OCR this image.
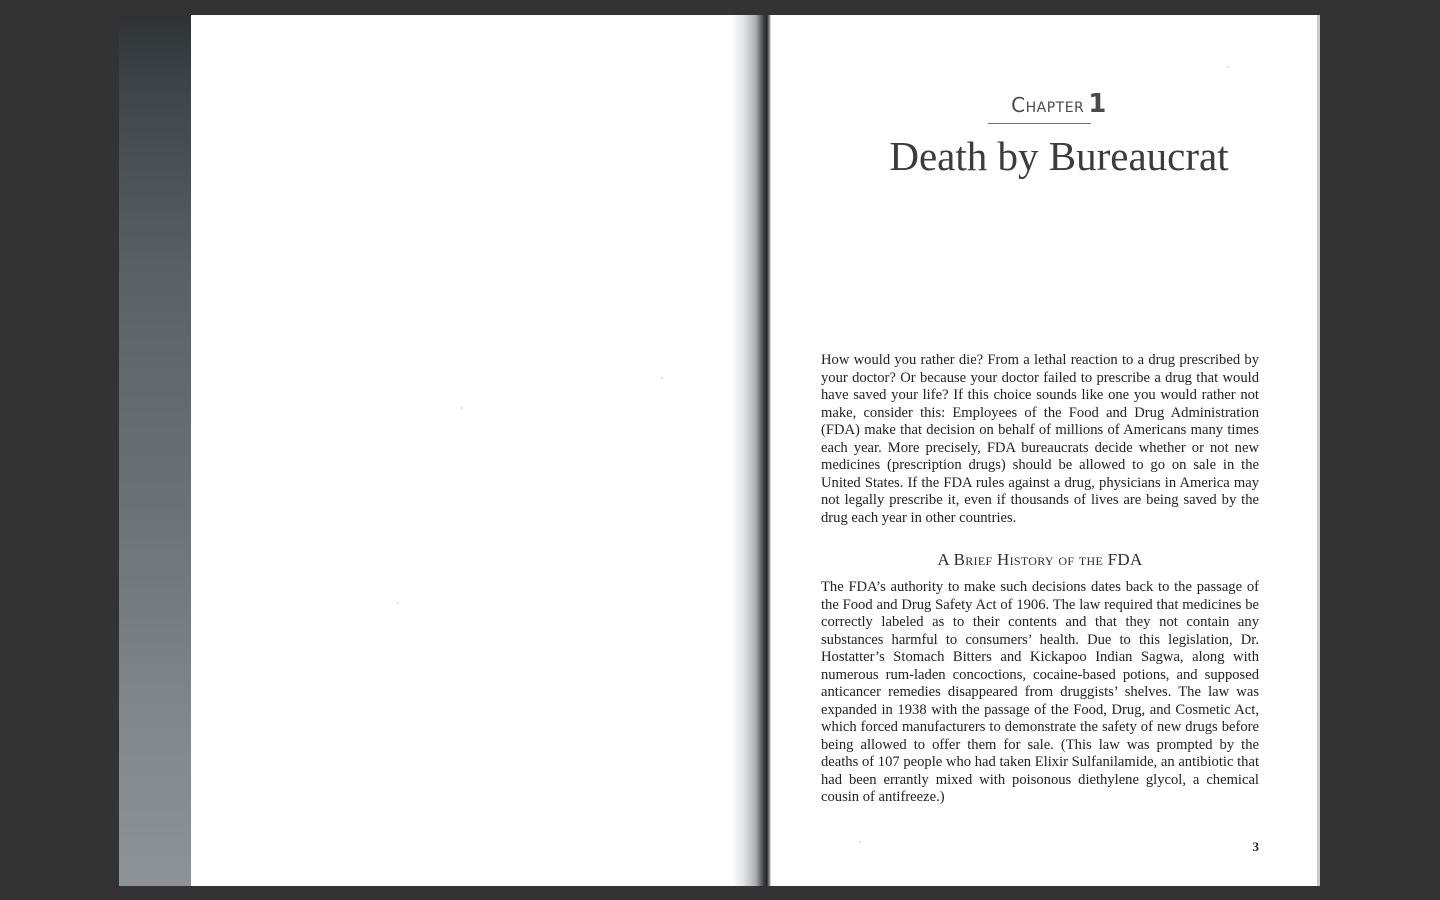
Chapter 1
Death by Bureaucrat

How would you rather die? From a lethal reaction to a drug prescribed by your doctor? Or because your doctor failed to prescribe a drug that would have saved your life? If this choice sounds like one you would rather not make, consider this: Employees of the Food and Drug Administration (FDA) make that decision on behalf of millions of Americans many times each year. More precisely, FDA bureaucrats decide whether or not new medicines (prescription drugs) should be allowed to go on sale in the United States. If the FDA rules against a drug, physicians in America may not legally prescribe it, even if thousands of lives are being saved by the drug each year in other countries.

A Brief History of the FDA

The FDA’s authority to make such decisions dates back to the passage of the Food and Drug Safety Act of 1906. The law required that medicines be correctly labeled as to their contents and that they not contain any substances harmful to consumers’ health. Due to this legislation, Dr. Hostatter’s Stomach Bitters and Kickapoo Indian Sagwa, along with numerous rum-laden concoctions, cocaine-based potions, and supposed anticancer remedies disappeared from druggists’ shelves. The law was expanded in 1938 with the passage of the Food, Drug, and Cosmetic Act, which forced manufacturers to demonstrate the safety of new drugs before being allowed to offer them for sale. (This law was prompted by the deaths of 107 people who had taken Elixir Sulfanilamide, an antibiotic that had been errantly mixed with poisonous diethylene glycol, a chemical cousin of antifreeze.)

3
